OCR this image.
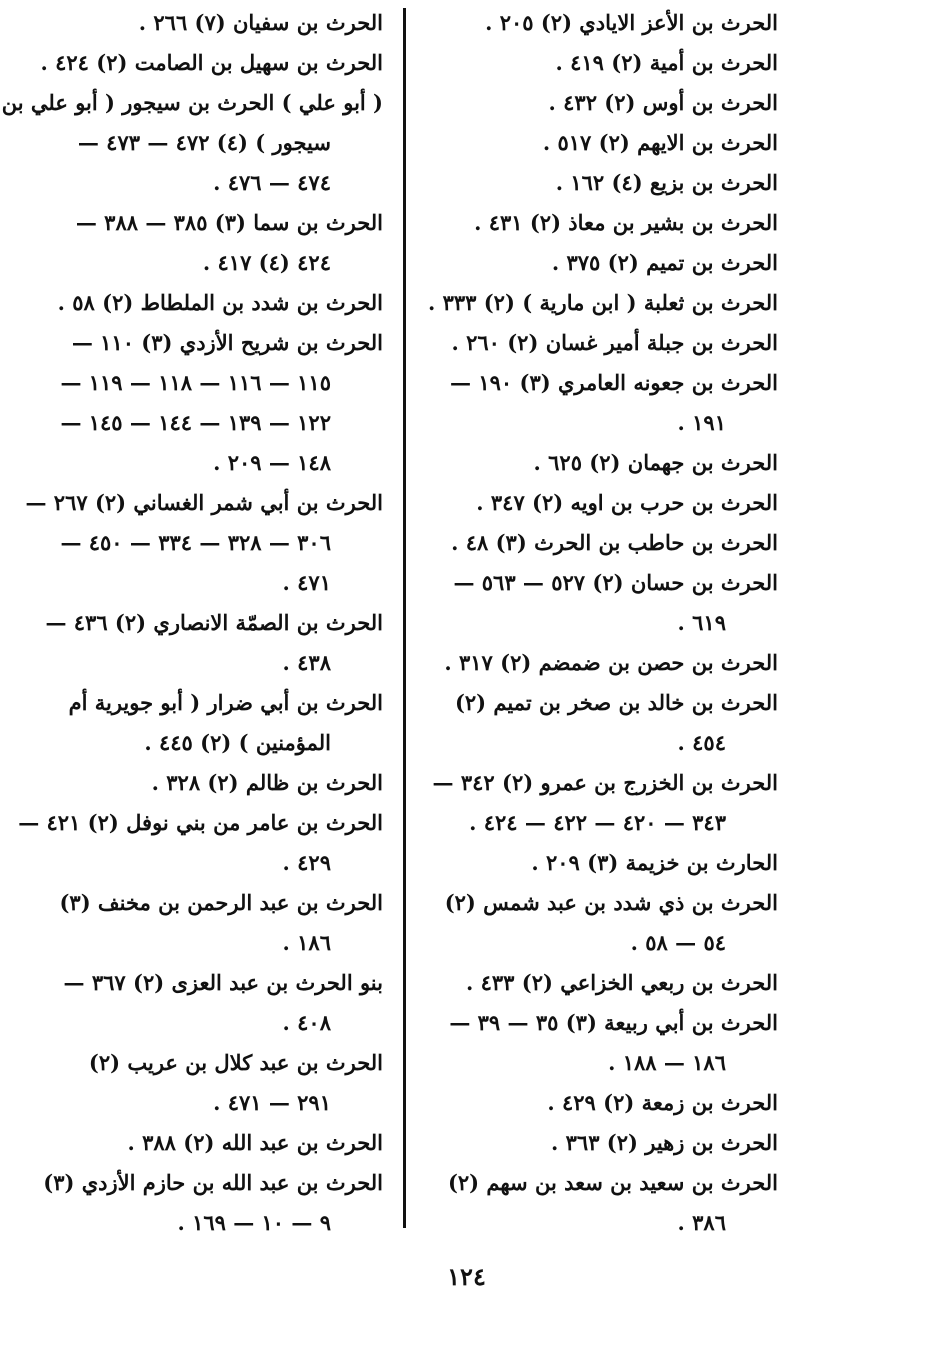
الحرث بن الأعز الايادي (٢) ٢٠٥ .
الحرث بن أمية (٢) ٤١٩ .
الحرث بن أوس (٢) ٤٣٢ .
الحرث بن الايهم (٢) ٥١٧ .
الحرث بن بزيع (٤) ١٦٢ .
الحرث بن بشير بن معاذ (٢) ٤٣١ .
الحرث بن تميم (٢) ٣٧٥ .
الحرث بن ثعلبة ( ابن مارية ) (٢) ٣٣٣ .
الحرث بن جبلة أمير غسان (٢) ٢٦٠ .
الحرث بن جعونه العامري (٣) ١٩٠ —
١٩١ .
الحرث بن جهمان (٢) ٦٢٥ .
الحرث بن حرب بن اويه (٢) ٣٤٧ .
الحرث بن حاطب بن الحرث (٣) ٤٨ .
الحرث بن حسان (٢) ٥٢٧ — ٥٦٣ —
٦١٩ .
الحرث بن حصن بن ضمضم (٢) ٣١٧ .
الحرث بن خالد بن صخر بن تميم (٢)
٤٥٤ .
الحرث بن الخزرج بن عمرو (٢) ٣٤٢ —
٣٤٣ — ٤٢٠ — ٤٢٢ — ٤٢٤ .
الحارث بن خزيمة (٣) ٢٠٩ .
الحرث بن ذي شدد بن عبد شمس (٢)
٥٤ — ٥٨ .
الحرث بن ربعي الخزاعي (٢) ٤٣٣ .
الحرث بن أبي ربيعة (٣) ٣٥ — ٣٩ —
١٨٦ — ١٨٨ .
الحرث بن زمعة (٢) ٤٢٩ .
الحرث بن زهير (٢) ٣٦٣ .
الحرث بن سعيد بن سعد بن سهم (٢)
٣٨٦ .
الحرث بن سفيان (٧) ٢٦٦ .
الحرث بن سهيل بن الصامت (٢) ٤٢٤ .
( أبو علي ) الحرث بن سيجور ( أبو علي بن
سيجور ) (٤) ٤٧٢ — ٤٧٣ —
٤٧٤ — ٤٧٦ .
الحرث بن سما (٣) ٣٨٥ — ٣٨٨ —
٤٢٤ (٤) ٤١٧ .
الحرث بن شدد بن الملطاط (٢) ٥٨ .
الحرث بن شريح الأزدي (٣) ١١٠ —
١١٥ — ١١٦ — ١١٨ — ١١٩ —
١٢٢ — ١٣٩ — ١٤٤ — ١٤٥ —
١٤٨ — ٢٠٩ .
الحرث بن أبي شمر الغساني (٢) ٢٦٧ —
٣٠٦ — ٣٢٨ — ٣٣٤ — ٤٥٠ —
٤٧١ .
الحرث بن الصمّة الانصاري (٢) ٤٣٦ —
٤٣٨ .
الحرث بن أبي ضرار ( أبو جويرية أم
المؤمنين ) (٢) ٤٤٥ .
الحرث بن ظالم (٢) ٣٢٨ .
الحرث بن عامر من بني نوفل (٢) ٤٢١ —
٤٢٩ .
الحرث بن عبد الرحمن بن مخنف (٣)
١٨٦ .
بنو الحرث بن عبد العزى (٢) ٣٦٧ —
٤٠٨ .
الحرث بن عبد كلال بن عريب (٢)
٢٩١ — ٤٧١ .
الحرث بن عبد الله (٢) ٣٨٨ .
الحرث بن عبد الله بن حازم الأزدي (٣)
٩ — ١٠ — ١٦٩ .
١٢٤
